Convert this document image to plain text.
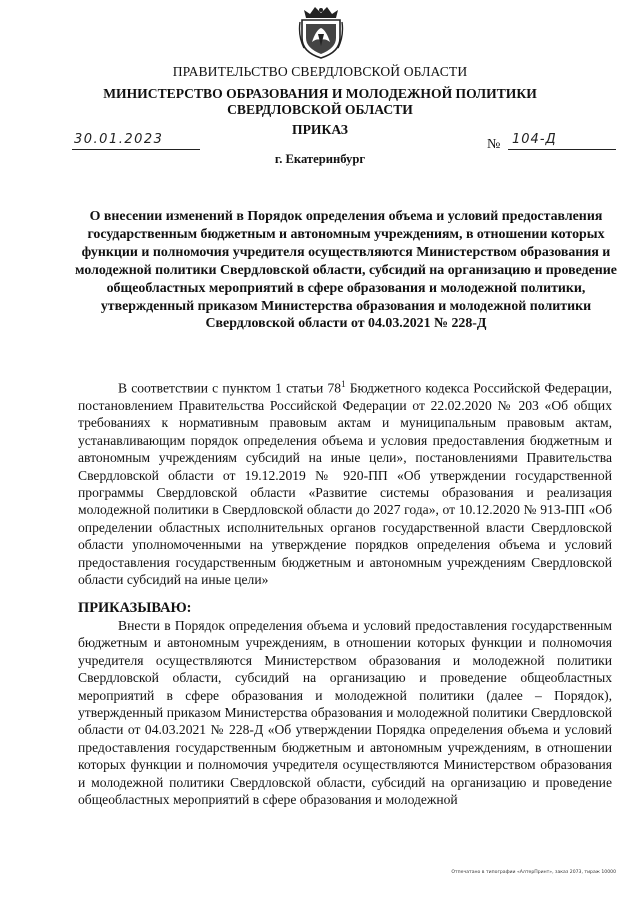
ПРАВИТЕЛЬСТВО СВЕРДЛОВСКОЙ ОБЛАСТИ
МИНИСТЕРСТВО ОБРАЗОВАНИЯ И МОЛОДЕЖНОЙ ПОЛИТИКИ
СВЕРДЛОВСКОЙ ОБЛАСТИ
ПРИКАЗ
30.01.2023	№ 104-Д
г. Екатеринбург
О внесении изменений в Порядок определения объема и условий предоставления государственным бюджетным и автономным учреждениям, в отношении которых функции и полномочия учредителя осуществляются Министерством образования и молодежной политики Свердловской области, субсидий на организацию и проведение общеобластных мероприятий в сфере образования и молодежной политики, утвержденный приказом Министерства образования и молодежной политики Свердловской области от 04.03.2021 № 228-Д
В соответствии с пунктом 1 статьи $78^1$ Бюджетного кодекса Российской Федерации, постановлением Правительства Российской Федерации от 22.02.2020 № 203 «Об общих требованиях к нормативным правовым актам и муниципальным правовым актам, устанавливающим порядок определения объема и условия предоставления бюджетным и автономным учреждениям субсидий на иные цели», постановлениями Правительства Свердловской области от 19.12.2019 № 920-ПП «Об утверждении государственной программы Свердловской области «Развитие системы образования и реализация молодежной политики в Свердловской области до 2027 года», от 10.12.2020 № 913-ПП «Об определении областных исполнительных органов государственной власти Свердловской области уполномоченными на утверждение порядков определения объема и условий предоставления государственным бюджетным и автономным учреждениям Свердловской области субсидий на иные цели»
ПРИКАЗЫВАЮ:
Внести в Порядок определения объема и условий предоставления государственным бюджетным и автономным учреждениям, в отношении которых функции и полномочия учредителя осуществляются Министерством образования и молодежной политики Свердловской области, субсидий на организацию и проведение общеобластных мероприятий в сфере образования и молодежной политики (далее – Порядок), утвержденный приказом Министерства образования и молодежной политики Свердловской области от 04.03.2021 № 228-Д «Об утверждении Порядка определения объема и условий предоставления государственным бюджетным и автономным учреждениям, в отношении которых функции и полномочия учредителя осуществляются Министерством образования и молодежной политики Свердловской области, субсидий на организацию и проведение общеобластных мероприятий в сфере образования и молодежной
Отпечатано в типографии «АлтерПринт», заказ 2073, тираж 10000
